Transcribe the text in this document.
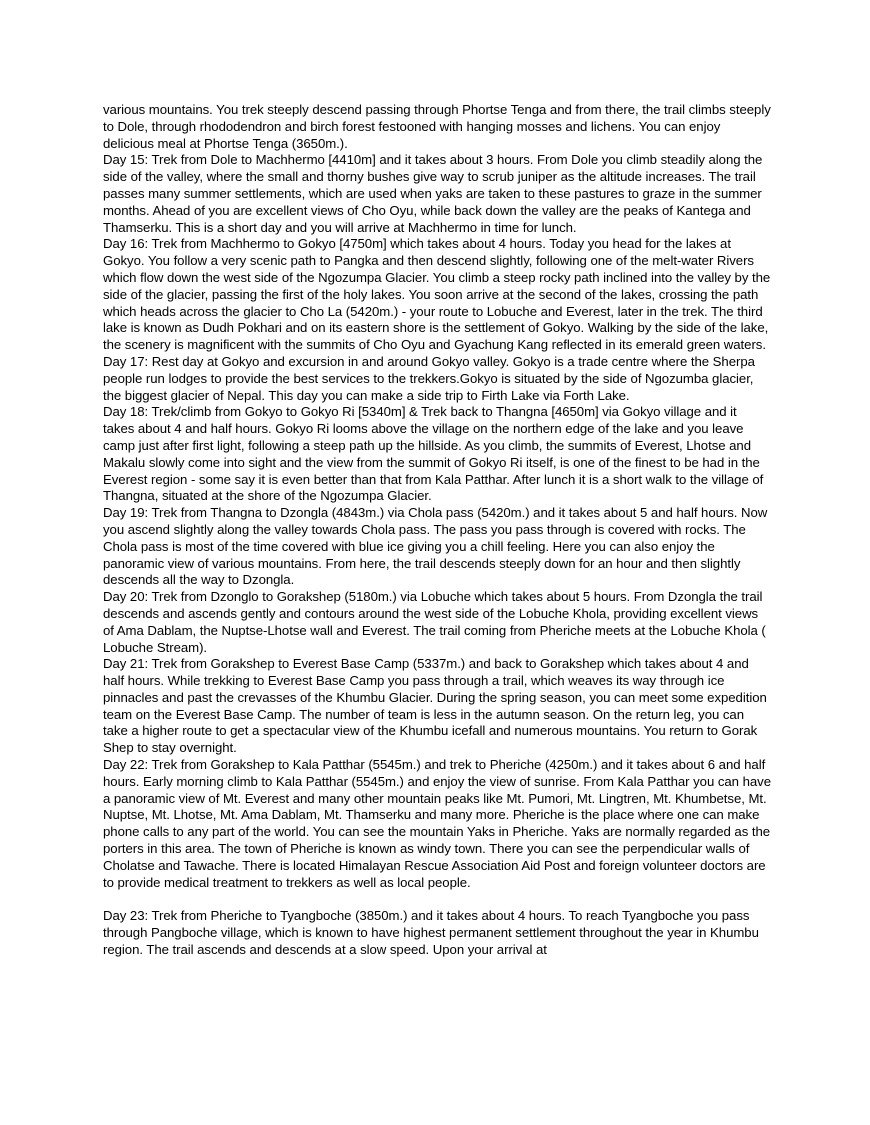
various mountains. You trek steeply descend passing through Phortse Tenga and from there, the trail climbs steeply to Dole, through rhododendron and birch forest festooned with hanging mosses and lichens. You can enjoy delicious meal at Phortse Tenga (3650m.).

Day 15: Trek from Dole to Machhermo [4410m] and it takes about 3 hours. From Dole you climb steadily along the side of the valley, where the small and thorny bushes give way to scrub juniper as the altitude increases. The trail passes many summer settlements, which are used when yaks are taken to these pastures to graze in the summer months. Ahead of you are excellent views of Cho Oyu, while back down the valley are the peaks of Kantega and Thamserku. This is a short day and you will arrive at Machhermo in time for lunch.

Day 16: Trek from Machhermo to Gokyo [4750m] which takes about 4 hours. Today you head for the lakes at Gokyo. You follow a very scenic path to Pangka and then descend slightly, following one of the melt-water Rivers which flow down the west side of the Ngozumpa Glacier. You climb a steep rocky path inclined into the valley by the side of the glacier, passing the first of the holy lakes. You soon arrive at the second of the lakes, crossing the path which heads across the glacier to Cho La (5420m.) - your route to Lobuche and Everest, later in the trek. The third lake is known as Dudh Pokhari and on its eastern shore is the settlement of Gokyo. Walking by the side of the lake, the scenery is magnificent with the summits of Cho Oyu and Gyachung Kang reflected in its emerald green waters.

Day 17: Rest day at Gokyo and excursion in and around Gokyo valley. Gokyo is a trade centre where the Sherpa people run lodges to provide the best services to the trekkers.Gokyo is situated by the side of Ngozumba glacier, the biggest glacier of Nepal. This day you can make a side trip to Firth Lake via Forth Lake.

Day 18: Trek/climb from Gokyo to Gokyo Ri [5340m] & Trek back to Thangna [4650m] via Gokyo village and it takes about 4 and half hours. Gokyo Ri looms above the village on the northern edge of the lake and you leave camp just after first light, following a steep path up the hillside. As you climb, the summits of Everest, Lhotse and Makalu slowly come into sight and the view from the summit of Gokyo Ri itself, is one of the finest to be had in the Everest region - some say it is even better than that from Kala Patthar. After lunch it is a short walk to the village of Thangna, situated at the shore of the Ngozumpa Glacier.

Day 19: Trek from Thangna to Dzongla (4843m.) via Chola pass (5420m.) and it takes about 5 and half hours. Now you ascend slightly along the valley towards Chola pass. The pass you pass through is covered with rocks. The Chola pass is most of the time covered with blue ice giving you a chill feeling. Here you can also enjoy the panoramic view of various mountains. From here, the trail descends steeply down for an hour and then slightly descends all the way to Dzongla.

Day 20: Trek from Dzonglo to Gorakshep (5180m.) via Lobuche which takes about 5 hours. From Dzongla the trail descends and ascends gently and contours around the west side of the Lobuche Khola, providing excellent views of Ama Dablam, the Nuptse-Lhotse wall and Everest. The trail coming from Pheriche meets at the Lobuche Khola ( Lobuche Stream).

Day 21: Trek from Gorakshep to Everest Base Camp (5337m.) and back to Gorakshep which takes about 4 and half hours. While trekking to Everest Base Camp you pass through a trail, which weaves its way through ice pinnacles and past the crevasses of the Khumbu Glacier. During the spring season, you can meet some expedition team on the Everest Base Camp. The number of team is less in the autumn season. On the return leg, you can take a higher route to get a spectacular view of the Khumbu icefall and numerous mountains. You return to Gorak Shep to stay overnight.

Day 22: Trek from Gorakshep to Kala Patthar (5545m.) and trek to Pheriche (4250m.) and it takes about 6 and half hours. Early morning climb to Kala Patthar (5545m.) and enjoy the view of sunrise. From Kala Patthar you can have a panoramic view of Mt. Everest and many other mountain peaks like Mt. Pumori, Mt. Lingtren, Mt. Khumbetse, Mt. Nuptse, Mt. Lhotse, Mt. Ama Dablam, Mt. Thamserku and many more. Pheriche is the place where one can make phone calls to any part of the world. You can see the mountain Yaks in Pheriche. Yaks are normally regarded as the porters in this area. The town of Pheriche is known as windy town. There you can see the perpendicular walls of Cholatse and Tawache. There is located Himalayan Rescue Association Aid Post and foreign volunteer doctors are to provide medical treatment to trekkers as well as local people.

Day 23: Trek from Pheriche to Tyangboche (3850m.) and it takes about 4 hours. To reach Tyangboche you pass through Pangboche village, which is known to have highest permanent settlement throughout the year in Khumbu region. The trail ascends and descends at a slow speed. Upon your arrival at
